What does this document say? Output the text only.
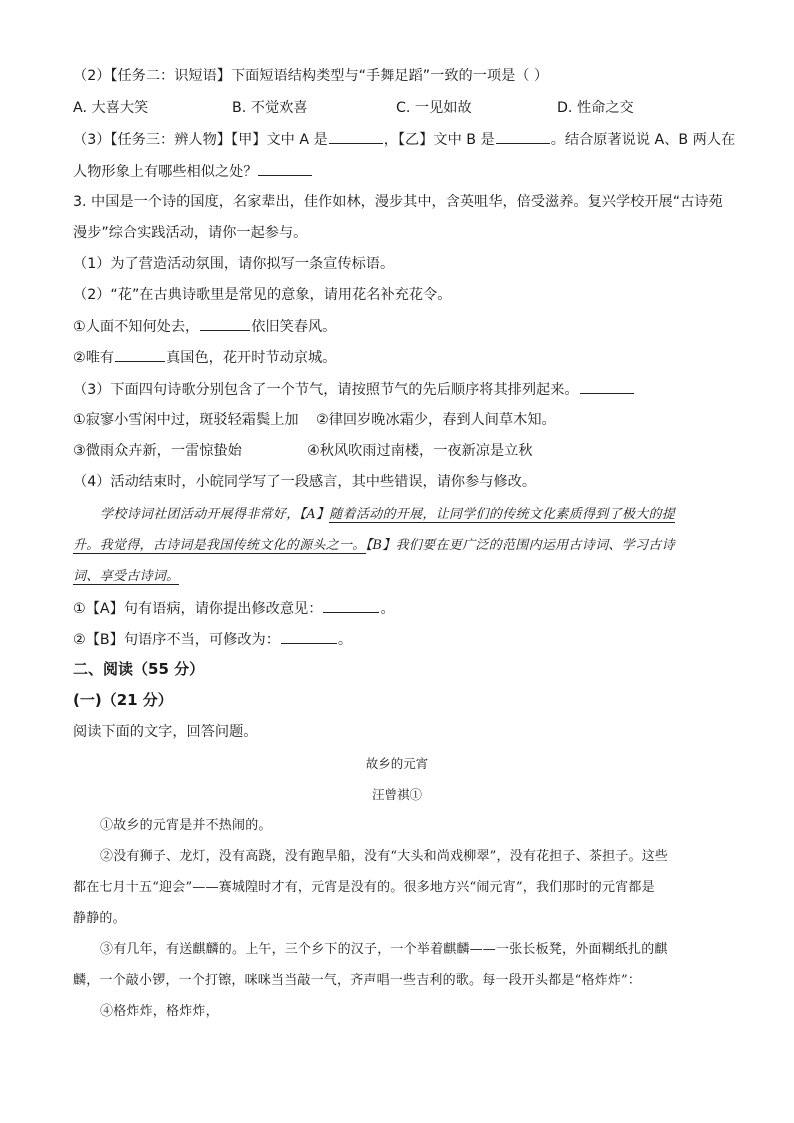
（2）【任务二：识短语】下面短语结构类型与“手舞足蹈”一致的一项是（ ）
A. 大喜大笑	B. 不觉欢喜	C. 一见如故	D. 性命之交
（3）【任务三：辨人物】【甲】文中 A 是	，【乙】文中 B 是	。结合原著说说 A、B 两人在
人物形象上有哪些相似之处？
3. 中国是一个诗的国度，名家辈出，佳作如林，漫步其中，含英咀华，倍受滋养。复兴学校开展“古诗苑
漫步”综合实践活动，请你一起参与。
（1）为了营造活动氛围，请你拟写一条宣传标语。
（2）“花”在古典诗歌里是常见的意象，请用花名补充花令。
①人面不知何处去，	依旧笑春风。
②唯有	真国色，花开时节动京城。
（3）下面四句诗歌分别包含了一个节气，请按照节气的先后顺序将其排列起来。
①寂寥小雪闲中过，斑驳轻霜鬓上加 ②律回岁晚冰霜少，春到人间草木知。
③微雨众卉新，一雷惊蛰始	④秋风吹雨过南楼，一夜新凉是立秋
（4）活动结束时，小皖同学写了一段感言，其中些错误，请你参与修改。
学校诗词社团活动开展得非常好，【A】随着活动的开展，让同学们的传统文化素质得到了极大的提
升。我觉得，古诗词是我国传统文化的源头之一。【B】我们要在更广泛的范围内运用古诗词、学习古诗
词、享受古诗词。
①【A】句有语病，请你提出修改意见：	。
②【B】句语序不当，可修改为：	。
二、阅读（55 分）
(一)（21 分）
阅读下面的文字，回答问题。
故乡的元宵
汪曾祺①
①故乡的元宵是并不热闹的。
②没有狮子、龙灯，没有高跷，没有跑旱船，没有“大头和尚戏柳翠”，没有花担子、茶担子。这些
都在七月十五“迎会”——赛城隍时才有，元宵是没有的。很多地方兴“闹元宵”，我们那时的元宵都是
静静的。
③有几年，有送麒麟的。上午，三个乡下的汉子，一个举着麒麟——一张长板凳，外面糊纸扎的麒
麟，一个敲小锣，一个打镲，咪咪当当敲一气，齐声唱一些吉利的歌。每一段开头都是“格炸炸”：
④格炸炸，格炸炸，
